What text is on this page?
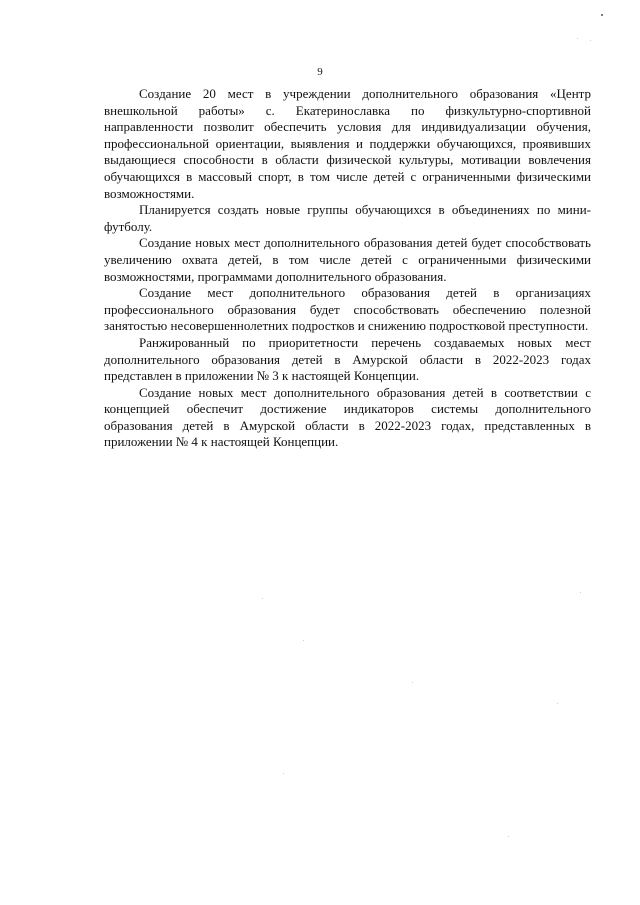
9

Создание 20 мест в учреждении дополнительного образования «Центр внешкольной работы» с. Екатеринославка по физкультурно-спортивной направленности позволит обеспечить условия для индивидуализации обучения, профессиональной ориентации, выявления и поддержки обучающихся, проявивших выдающиеся способности в области физической культуры, мотивации вовлечения обучающихся в массовый спорт, в том числе детей с ограниченными физическими возможностями.

Планируется создать новые группы обучающихся в объединениях по мини-футболу.

Создание новых мест дополнительного образования детей будет способствовать увеличению охвата детей, в том числе детей с ограниченными физическими возможностями, программами дополнительного образования.

Создание мест дополнительного образования детей в организациях профессионального образования будет способствовать обеспечению полезной занятостью несовершеннолетних подростков и снижению подростковой преступности.

Ранжированный по приоритетности перечень создаваемых новых мест дополнительного образования детей в Амурской области в 2022-2023 годах представлен в приложении № 3 к настоящей Концепции.

Создание новых мест дополнительного образования детей в соответствии с концепцией обеспечит достижение индикаторов системы дополнительного образования детей в Амурской области в 2022-2023 годах, представленных в приложении № 4 к настоящей Концепции.
